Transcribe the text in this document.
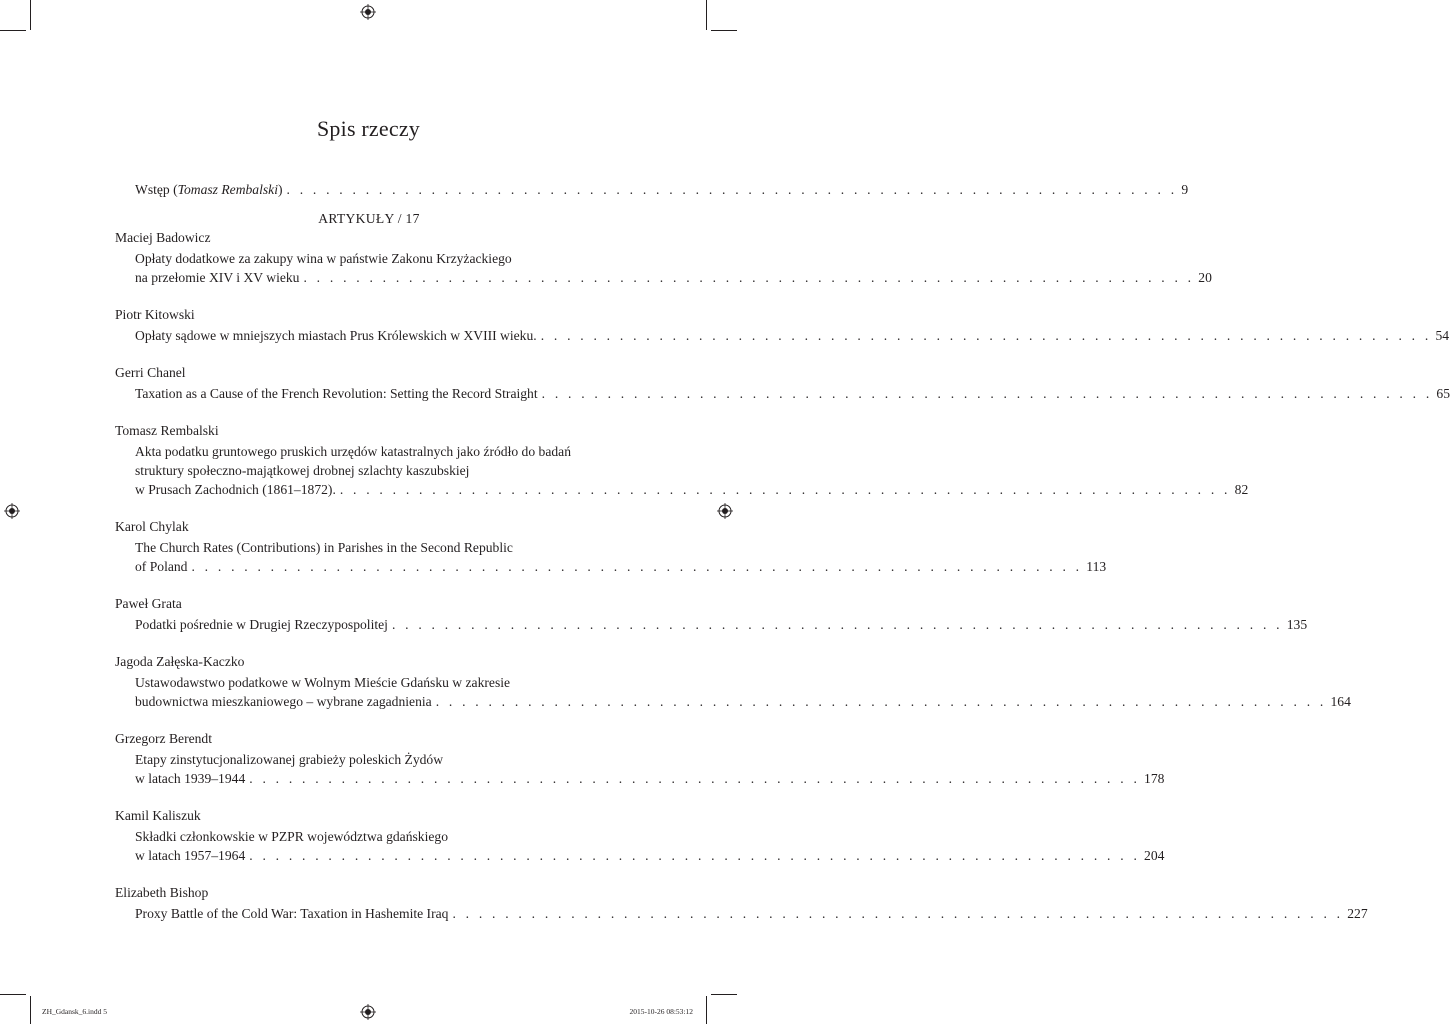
Spis rzeczy
Wstęp (Tomasz Rembalski) . . . . . . . . . . . . . . . . . . . . . . . . . . . . . . . . . . . . . . . . . . . . . . . . . . . . . . . . . . . . . . . . . . . . 9
ARTYKUŁY / 17
Maciej Badowicz
Opłaty dodatkowe za zakupy wina w państwie Zakonu Krzyżackiego
na przełomie XIV i XV wieku . . . . . . . . . . . . . . . . . . . . . . . . . . . . . . . . . . . . . . . . . . . . . . . . . . . . . . . . . . . . . . . . . . . . 20
Piotr Kitowski
Opłaty sądowe w mniejszych miastach Prus Królewskich w XVIII wieku. . . . . . . . . . . . . . . . . . . . . . . . . . . . . . . . . . . . . . . . . . . . . . . . . . . . . . . . . . . . . . . . . . . . . 54
Gerri Chanel
Taxation as a Cause of the French Revolution: Setting the Record Straight . . . . . . . . . . . . . . . . . . . . . . . . . . . . . . . . . . . . . . . . . . . . . . . . . . . . . . . . . . . . . . . . . . . . 65
Tomasz Rembalski
Akta podatku gruntowego pruskich urzędów katastralnych jako źródło do badań
struktury społeczno-majątkowej drobnej szlachty kaszubskiej
w Prusach Zachodnich (1861–1872). . . . . . . . . . . . . . . . . . . . . . . . . . . . . . . . . . . . . . . . . . . . . . . . . . . . . . . . . . . . . . . . . . . . . 82
Karol Chylak
The Church Rates (Contributions) in Parishes in the Second Republic
of Poland . . . . . . . . . . . . . . . . . . . . . . . . . . . . . . . . . . . . . . . . . . . . . . . . . . . . . . . . . . . . . . . . . . . . 113
Paweł Grata
Podatki pośrednie w Drugiej Rzeczypospolitej . . . . . . . . . . . . . . . . . . . . . . . . . . . . . . . . . . . . . . . . . . . . . . . . . . . . . . . . . . . . . . . . . . . . 135
Jagoda Załęska-Kaczko
Ustawodawstwo podatkowe w Wolnym Mieście Gdańsku w zakresie
budownictwa mieszkaniowego – wybrane zagadnienia . . . . . . . . . . . . . . . . . . . . . . . . . . . . . . . . . . . . . . . . . . . . . . . . . . . . . . . . . . . . . . . . . . . . 164
Grzegorz Berendt
Etapy zinstytucjonalizowanej grabieży poleskich Żydów
w latach 1939–1944 . . . . . . . . . . . . . . . . . . . . . . . . . . . . . . . . . . . . . . . . . . . . . . . . . . . . . . . . . . . . . . . . . . . . 178
Kamil Kaliszuk
Składki członkowskie w PZPR województwa gdańskiego
w latach 1957–1964 . . . . . . . . . . . . . . . . . . . . . . . . . . . . . . . . . . . . . . . . . . . . . . . . . . . . . . . . . . . . . . . . . . . . 204
Elizabeth Bishop
Proxy Battle of the Cold War: Taxation in Hashemite Iraq . . . . . . . . . . . . . . . . . . . . . . . . . . . . . . . . . . . . . . . . . . . . . . . . . . . . . . . . . . . . . . . . . . . . 227
ZH_Gdansk_6.indd 5	2015-10-26 08:53:12
